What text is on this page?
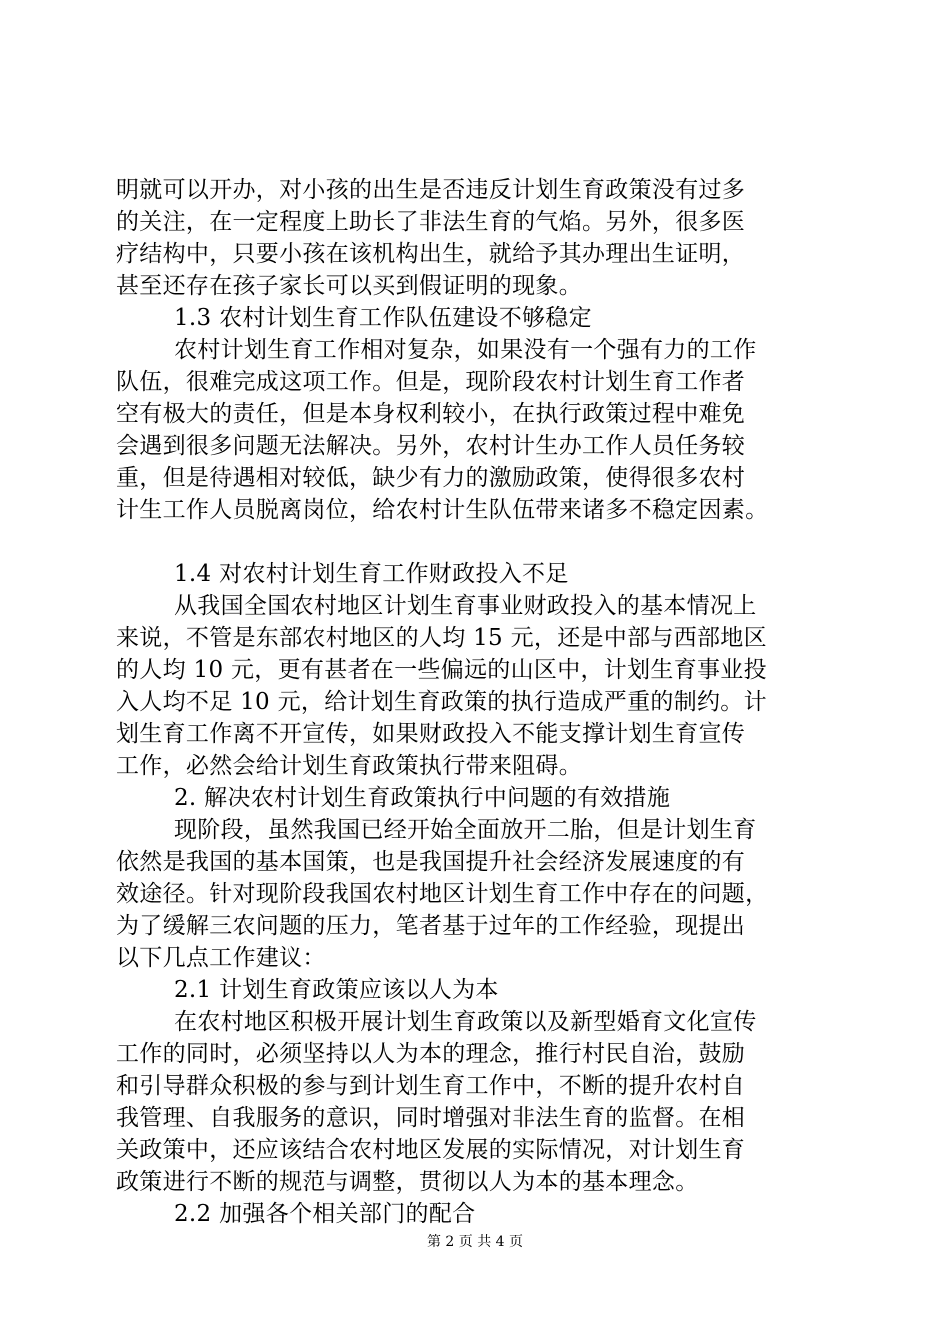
明就可以开办，对小孩的出生是否违反计划生育政策没有过多
的关注，在一定程度上助长了非法生育的气焰。另外，很多医
疗结构中，只要小孩在该机构出生，就给予其办理出生证明，
甚至还存在孩子家长可以买到假证明的现象。
1.3 农村计划生育工作队伍建设不够稳定
农村计划生育工作相对复杂，如果没有一个强有力的工作
队伍，很难完成这项工作。但是，现阶段农村计划生育工作者
空有极大的责任，但是本身权利较小，在执行政策过程中难免
会遇到很多问题无法解决。另外，农村计生办工作人员任务较
重，但是待遇相对较低，缺少有力的激励政策，使得很多农村
计生工作人员脱离岗位，给农村计生队伍带来诸多不稳定因素。
1.4 对农村计划生育工作财政投入不足
从我国全国农村地区计划生育事业财政投入的基本情况上
来说，不管是东部农村地区的人均 15 元，还是中部与西部地区
的人均 10 元，更有甚者在一些偏远的山区中，计划生育事业投
入人均不足 10 元，给计划生育政策的执行造成严重的制约。计
划生育工作离不开宣传，如果财政投入不能支撑计划生育宣传
工作，必然会给计划生育政策执行带来阻碍。
2. 解决农村计划生育政策执行中问题的有效措施
现阶段，虽然我国已经开始全面放开二胎，但是计划生育
依然是我国的基本国策，也是我国提升社会经济发展速度的有
效途径。针对现阶段我国农村地区计划生育工作中存在的问题，
为了缓解三农问题的压力，笔者基于过年的工作经验，现提出
以下几点工作建议：
2.1 计划生育政策应该以人为本
在农村地区积极开展计划生育政策以及新型婚育文化宣传
工作的同时，必须坚持以人为本的理念，推行村民自治，鼓励
和引导群众积极的参与到计划生育工作中，不断的提升农村自
我管理、自我服务的意识，同时增强对非法生育的监督。在相
关政策中，还应该结合农村地区发展的实际情况，对计划生育
政策进行不断的规范与调整，贯彻以人为本的基本理念。
2.2 加强各个相关部门的配合
第 2 页 共 4 页
